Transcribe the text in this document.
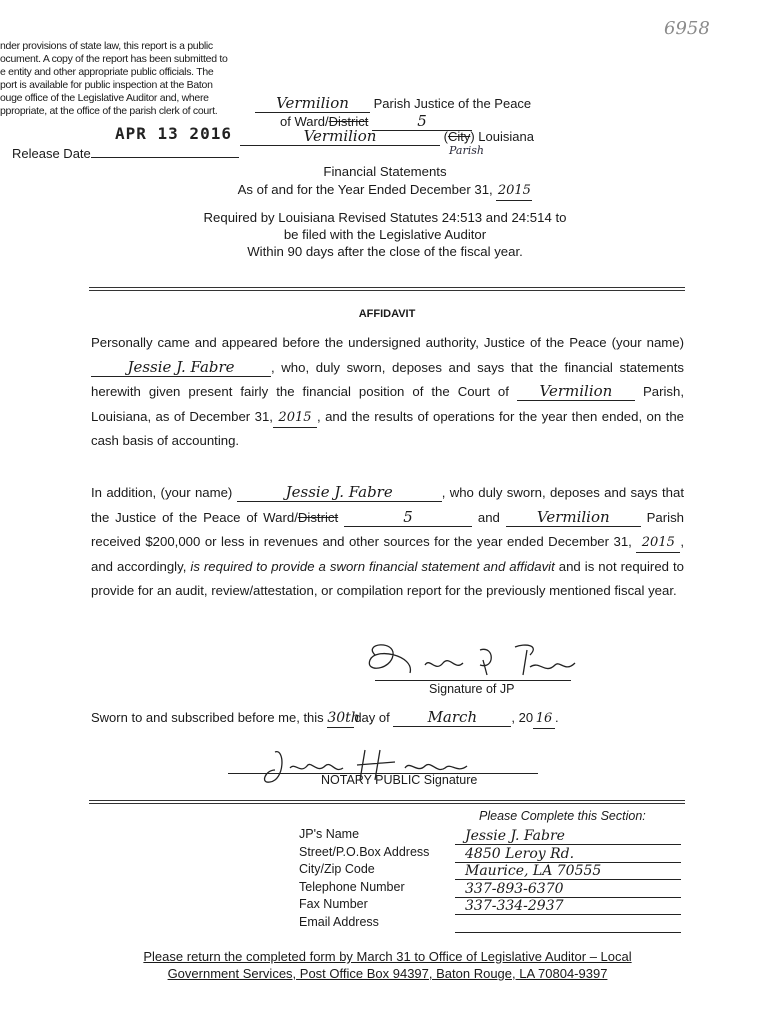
6958
nder provisions of state law, this report is a public
ocument. A copy of the report has been submitted to
e entity and other appropriate public officials. The
port is available for public inspection at the Baton
ouge office of the Legislative Auditor and, where
ppropriate, at the office of the parish clerk of court.	Vermilion Parish Justice of the Peace
of Ward/District	5
APR 13 2016	Vermilion	(City) Louisiana
Parish
Release Date
Financial Statements
As of and for the Year Ended December 31, 2015
Required by Louisiana Revised Statutes 24:513 and 24:514 to
be filed with the Legislative Auditor
Within 90 days after the close of the fiscal year.
AFFIDAVIT
Personally came and appeared before the undersigned authority, Justice of the Peace (your name) Jessie J. Fabre	, who, duly sworn, deposes and says that the financial statements herewith given present fairly the financial position of the Court of Vermilion Parish, Louisiana, as of December 31, 2015 , and the results of operations for the year then ended, on the cash basis of accounting.
In addition, (your name)	Jessie J. Fabre	, who duly sworn, deposes and says that the Justice of the Peace of Ward/District	5	and Vermilion	Parish received $200,000 or less in revenues and other sources for the year ended December 31, 2015 , and accordingly, is required to provide a sworn financial statement and affidavit and is not required to provide for an audit, review/attestation, or compilation report for the previously mentioned fiscal year.
Signature of JP
Sworn to and subscribed before me, this 30thday of	March	, 20 16 .
NOTARY PUBLIC Signature
Please Complete this Section:
JP's Name	Jessie J. Fabre
Street/P.O.Box Address	4850 Leroy Rd.
City/Zip Code	Maurice, LA 70555
Telephone Number	337-893-6370
Fax Number	337-334-2937
Email Address
Please return the completed form by March 31 to Office of Legislative Auditor – Local
Government Services, Post Office Box 94397, Baton Rouge, LA 70804-9397
